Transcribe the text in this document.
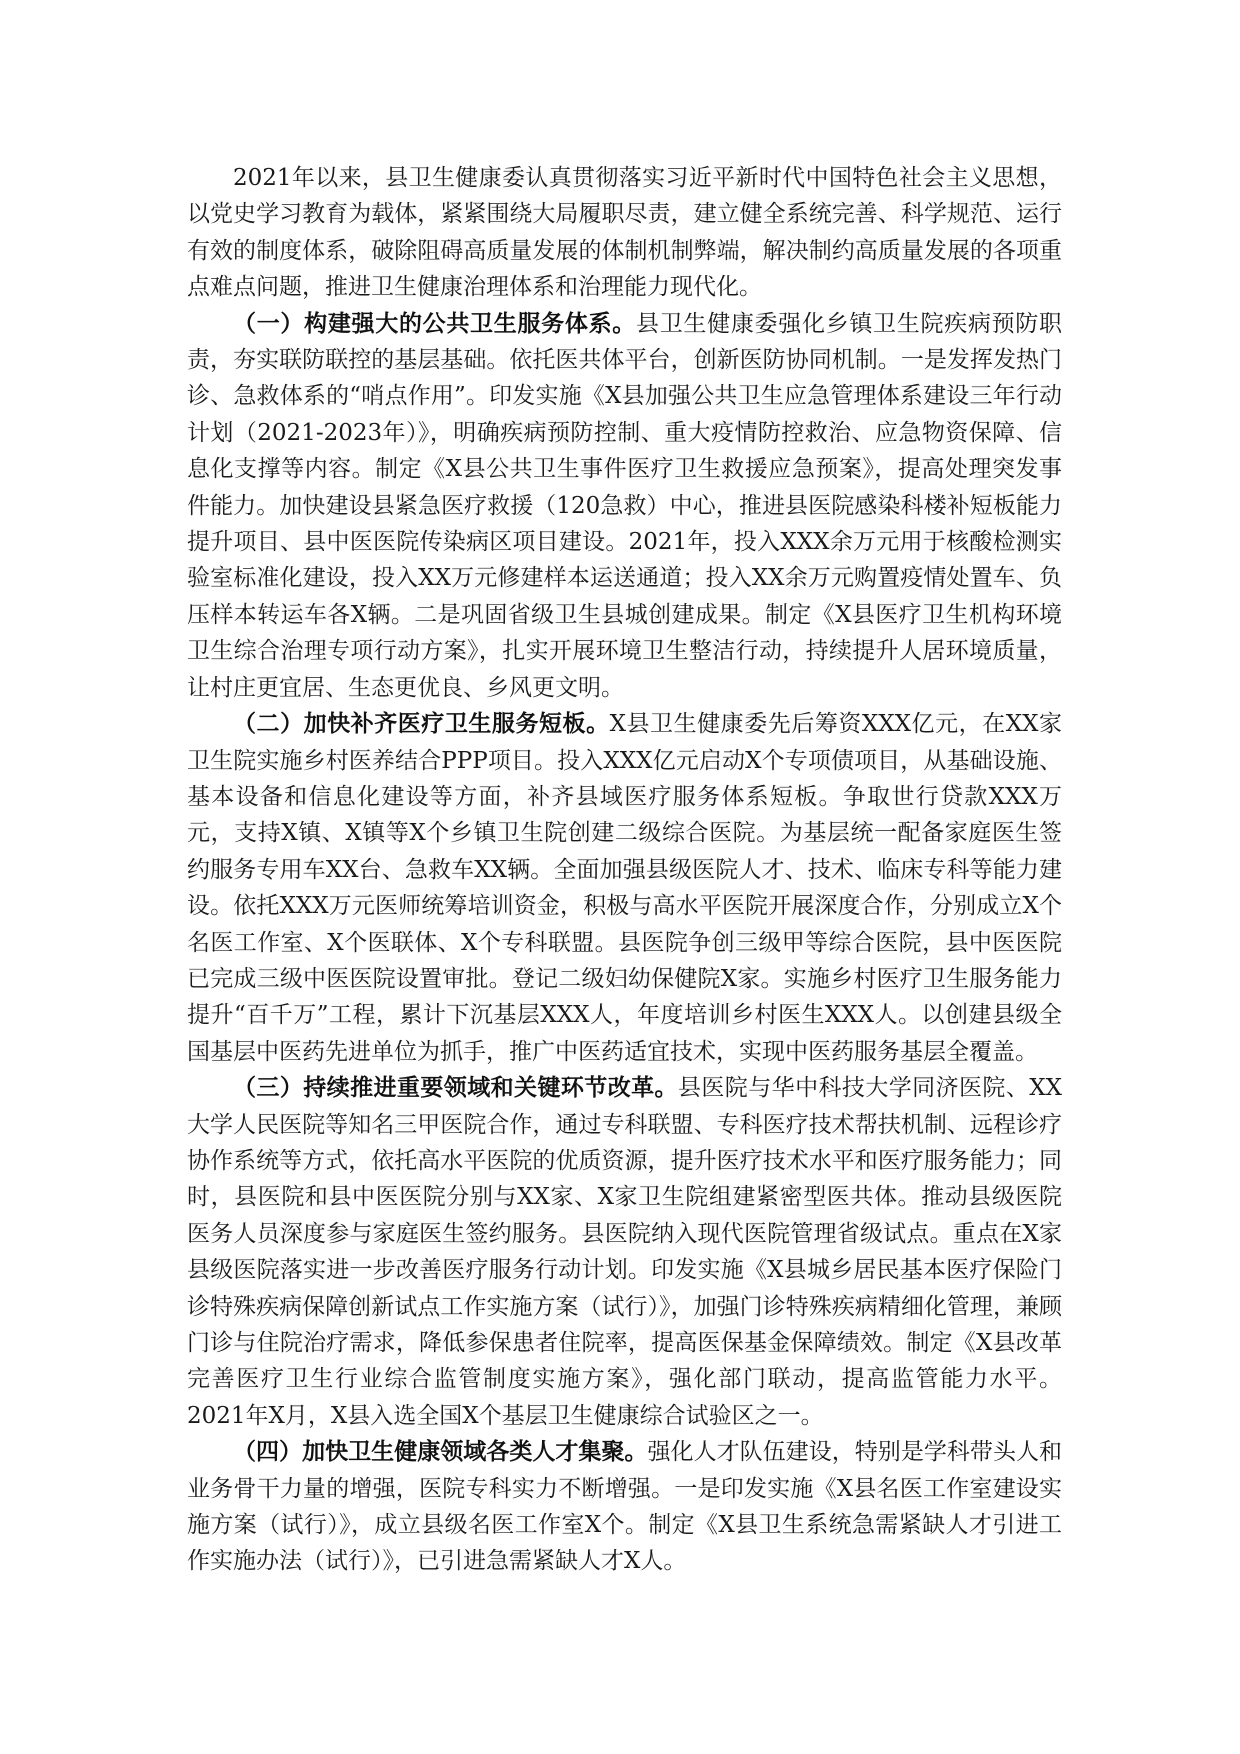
2021年以来，县卫生健康委认真贯彻落实习近平新时代中国特色社会主义思想，以党史学习教育为载体，紧紧围绕大局履职尽责，建立健全系统完善、科学规范、运行有效的制度体系，破除阻碍高质量发展的体制机制弊端，解决制约高质量发展的各项重点难点问题，推进卫生健康治理体系和治理能力现代化。

（一）构建强大的公共卫生服务体系。县卫生健康委强化乡镇卫生院疾病预防职责，夯实联防联控的基层基础。依托医共体平台，创新医防协同机制。一是发挥发热门诊、急救体系的“哨点作用”。印发实施《X县加强公共卫生应急管理体系建设三年行动计划（2021-2023年）》，明确疾病预防控制、重大疫情防控救治、应急物资保障、信息化支撑等内容。制定《X县公共卫生事件医疗卫生救援应急预案》，提高处理突发事件能力。加快建设县紧急医疗救援（120急救）中心，推进县医院感染科楼补短板能力提升项目、县中医医院传染病区项目建设。2021年，投入XXX余万元用于核酸检测实验室标准化建设，投入XX万元修建样本运送通道；投入XX余万元购置疫情处置车、负压样本转运车各X辆。二是巩固省级卫生县城创建成果。制定《X县医疗卫生机构环境卫生综合治理专项行动方案》，扎实开展环境卫生整洁行动，持续提升人居环境质量，让村庄更宜居、生态更优良、乡风更文明。

（二）加快补齐医疗卫生服务短板。X县卫生健康委先后筹资XXX亿元，在XX家卫生院实施乡村医养结合PPP项目。投入XXX亿元启动X个专项债项目，从基础设施、基本设备和信息化建设等方面，补齐县域医疗服务体系短板。争取世行贷款XXX万元，支持X镇、X镇等X个乡镇卫生院创建二级综合医院。为基层统一配备家庭医生签约服务专用车XX台、急救车XX辆。全面加强县级医院人才、技术、临床专科等能力建设。依托XXX万元医师统筹培训资金，积极与高水平医院开展深度合作，分别成立X个名医工作室、X个医联体、X个专科联盟。县医院争创三级甲等综合医院，县中医医院已完成三级中医医院设置审批。登记二级妇幼保健院X家。实施乡村医疗卫生服务能力提升“百千万”工程，累计下沉基层XXX人，年度培训乡村医生XXX人。以创建县级全国基层中医药先进单位为抓手，推广中医药适宜技术，实现中医药服务基层全覆盖。

（三）持续推进重要领域和关键环节改革。县医院与华中科技大学同济医院、XX大学人民医院等知名三甲医院合作，通过专科联盟、专科医疗技术帮扶机制、远程诊疗协作系统等方式，依托高水平医院的优质资源，提升医疗技术水平和医疗服务能力；同时，县医院和县中医医院分别与XX家、X家卫生院组建紧密型医共体。推动县级医院医务人员深度参与家庭医生签约服务。县医院纳入现代医院管理省级试点。重点在X家县级医院落实进一步改善医疗服务行动计划。印发实施《X县城乡居民基本医疗保险门诊特殊疾病保障创新试点工作实施方案（试行）》，加强门诊特殊疾病精细化管理，兼顾门诊与住院治疗需求，降低参保患者住院率，提高医保基金保障绩效。制定《X县改革完善医疗卫生行业综合监管制度实施方案》，强化部门联动，提高监管能力水平。2021年X月，X县入选全国X个基层卫生健康综合试验区之一。

（四）加快卫生健康领域各类人才集聚。强化人才队伍建设，特别是学科带头人和业务骨干力量的增强，医院专科实力不断增强。一是印发实施《X县名医工作室建设实施方案（试行）》，成立县级名医工作室X个。制定《X县卫生系统急需紧缺人才引进工作实施办法（试行）》，已引进急需紧缺人才X人。
